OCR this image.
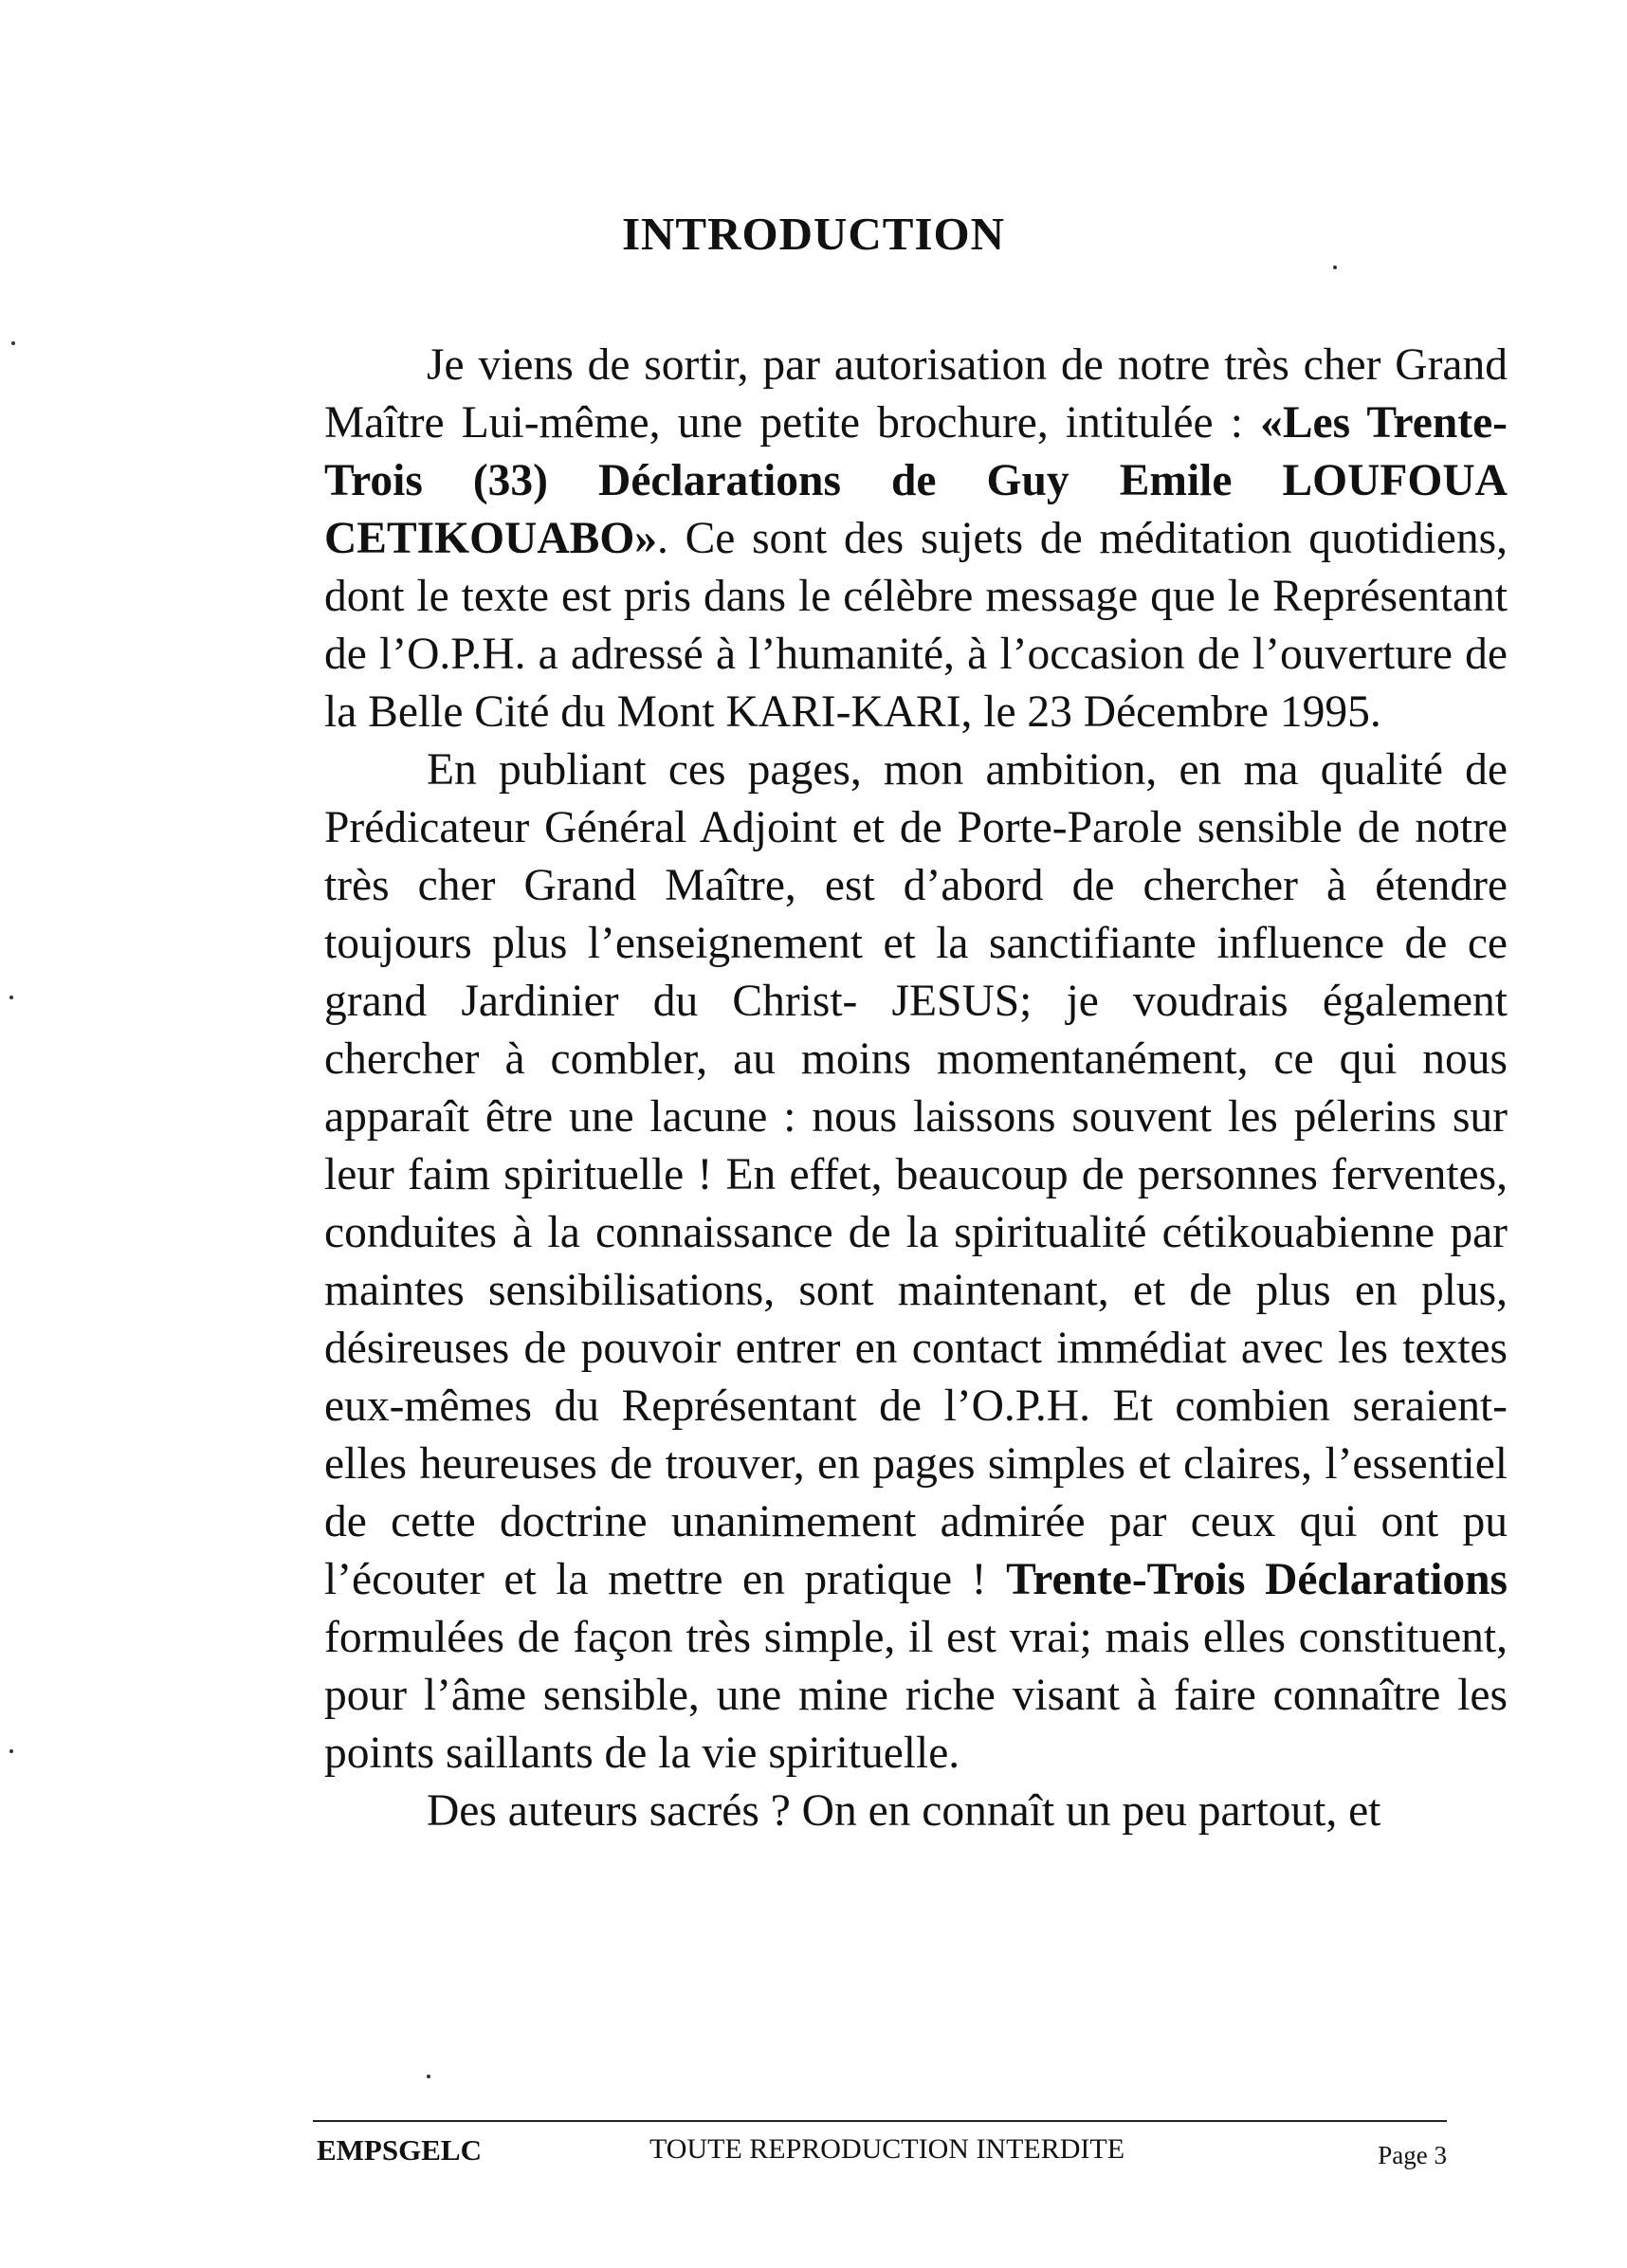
INTRODUCTION

Je viens de sortir, par autorisation de notre très cher Grand Maître Lui-même, une petite brochure, intitulée : «Les Trente-Trois (33) Déclarations de Guy Emile LOUFOUA CETIKOUABO». Ce sont des sujets de méditation quotidiens, dont le texte est pris dans le célèbre message que le Représentant de l’O.P.H. a adressé à l’humanité, à l’occasion de l’ouverture de la Belle Cité du Mont KARI-KARI, le 23 Décembre 1995.

En publiant ces pages, mon ambition, en ma qualité de Prédicateur Général Adjoint et de Porte-Parole sensible de notre très cher Grand Maître, est d’abord de chercher à étendre toujours plus l’enseignement et la sanctifiante influence de ce grand Jardinier du Christ- JESUS; je voudrais également chercher à combler, au moins momentanément, ce qui nous apparaît être une lacune : nous laissons souvent les pélerins sur leur faim spirituelle ! En effet, beaucoup de personnes ferventes, conduites à la connaissance de la spiritualité cétikouabienne par maintes sensibilisations, sont maintenant, et de plus en plus, désireuses de pouvoir entrer en contact immédiat avec les textes eux-mêmes du Représentant de l’O.P.H. Et combien seraient-elles heureuses de trouver, en pages simples et claires, l’essentiel de cette doctrine unanimement admirée par ceux qui ont pu l’écouter et la mettre en pratique ! Trente-Trois Déclarations formulées de façon très simple, il est vrai; mais elles constituent, pour l’âme sensible, une mine riche visant à faire connaître les points saillants de la vie spirituelle.

Des auteurs sacrés ? On en connaît un peu partout, et

EMPSGELC	TOUTE REPRODUCTION INTERDITE	Page 3
